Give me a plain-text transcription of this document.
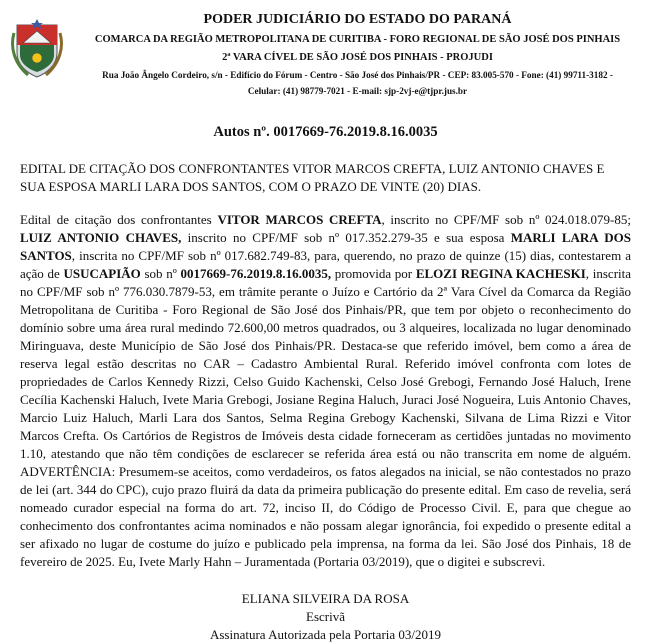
PODER JUDICIÁRIO DO ESTADO DO PARANÁ
COMARCA DA REGIÃO METROPOLITANA DE CURITIBA - FORO REGIONAL DE SÃO JOSÉ DOS PINHAIS
2ª VARA CÍVEL DE SÃO JOSÉ DOS PINHAIS - PROJUDI
Rua João Ângelo Cordeiro, s/n - Edifício do Fórum - Centro - São José dos Pinhais/PR - CEP: 83.005-570 - Fone: (41) 99711-3182 -
Celular: (41) 98779-7021 - E-mail: sjp-2vj-e@tjpr.jus.br
Autos nº. 0017669-76.2019.8.16.0035
EDITAL DE CITAÇÃO DOS CONFRONTANTES VITOR MARCOS CREFTA, LUIZ ANTONIO CHAVES E SUA ESPOSA MARLI LARA DOS SANTOS, COM O PRAZO DE VINTE (20) DIAS.
Edital de citação dos confrontantes VITOR MARCOS CREFTA, inscrito no CPF/MF sob nº 024.018.079-85; LUIZ ANTONIO CHAVES, inscrito no CPF/MF sob nº 017.352.279-35 e sua esposa MARLI LARA DOS SANTOS, inscrita no CPF/MF sob nº 017.682.749-83, para, querendo, no prazo de quinze (15) dias, contestarem a ação de USUCAPIÃO sob nº 0017669-76.2019.8.16.0035, promovida por ELOZI REGINA KACHESKI, inscrita no CPF/MF sob nº 776.030.7879-53, em trâmite perante o Juízo e Cartório da 2ª Vara Cível da Comarca da Região Metropolitana de Curitiba - Foro Regional de São José dos Pinhais/PR, que tem por objeto o reconhecimento do domínio sobre uma área rural medindo 72.600,00 metros quadrados, ou 3 alqueires, localizada no lugar denominado Miringuava, deste Município de São José dos Pinhais/PR. Destaca-se que referido imóvel, bem como a área de reserva legal estão descritas no CAR – Cadastro Ambiental Rural. Referido imóvel confronta com lotes de propriedades de Carlos Kennedy Rizzi, Celso Guido Kachenski, Celso José Grebogi, Fernando José Haluch, Irene Cecília Kachenski Haluch, Ivete Maria Grebogi, Josiane Regina Haluch, Juraci José Nogueira, Luis Antonio Chaves, Marcio Luiz Haluch, Marli Lara dos Santos, Selma Regina Grebogy Kachenski, Silvana de Lima Rizzi e Vitor Marcos Crefta. Os Cartórios de Registros de Imóveis desta cidade forneceram as certidões juntadas no movimento 1.10, atestando que não têm condições de esclarecer se referida área está ou não transcrita em nome de alguém. ADVERTÊNCIA: Presumem-se aceitos, como verdadeiros, os fatos alegados na inicial, se não contestados no prazo de lei (art. 344 do CPC), cujo prazo fluirá da data da primeira publicação do presente edital. Em caso de revelia, será nomeado curador especial na forma do art. 72, inciso II, do Código de Processo Civil. E, para que chegue ao conhecimento dos confrontantes acima nominados e não possam alegar ignorância, foi expedido o presente edital a ser afixado no lugar de costume do juízo e publicado pela imprensa, na forma da lei. São José dos Pinhais, 18 de fevereiro de 2025. Eu, Ivete Marly Hahn – Juramentada (Portaria 03/2019), que o digitei e subscrevi.
ELIANA SILVEIRA DA ROSA
Escrivã
Assinatura Autorizada pela Portaria 03/2019
